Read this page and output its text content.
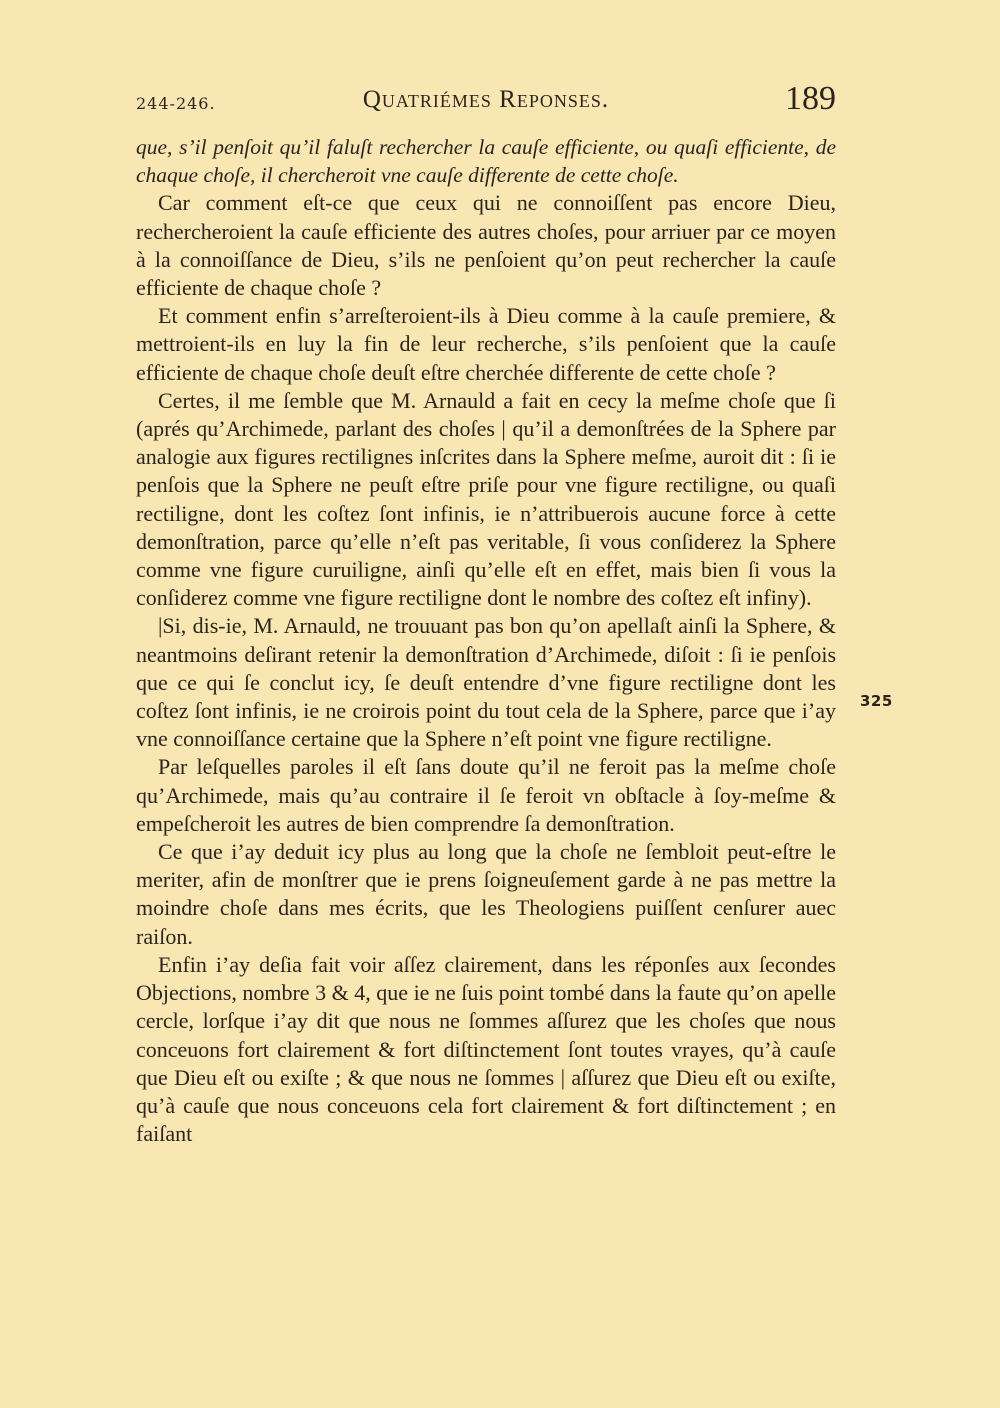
244-246.	Quatriémes Reponses.	189
325

que, s’il penſoit qu’il faluſt rechercher la cauſe efficiente, ou quaſi efficiente, de chaque choſe, il chercheroit vne cauſe differente de cette choſe.

Car comment eſt-ce que ceux qui ne connoiſſent pas encore Dieu, rechercheroient la cauſe efficiente des autres choſes, pour arriuer par ce moyen à la connoiſſance de Dieu, s’ils ne penſoient qu’on peut rechercher la cauſe efficiente de chaque choſe ?

Et comment enfin s’arreſteroient-ils à Dieu comme à la cauſe premiere, & mettroient-ils en luy la fin de leur recherche, s’ils penſoient que la cauſe efficiente de chaque choſe deuſt eſtre cherchée differente de cette choſe ?

Certes, il me ſemble que M. Arnauld a fait en cecy la meſme choſe que ſi (aprés qu’Archimede, parlant des choſes | qu’il a demonſtrées de la Sphere par analogie aux figures rectilignes inſcrites dans la Sphere meſme, auroit dit : ſi ie penſois que la Sphere ne peuſt eſtre priſe pour vne figure rectiligne, ou quaſi rectiligne, dont les coſtez ſont infinis, ie n’attribuerois aucune force à cette demonſtration, parce qu’elle n’eſt pas veritable, ſi vous conſiderez la Sphere comme vne figure curuiligne, ainſi qu’elle eſt en effet, mais bien ſi vous la conſiderez comme vne figure rectiligne dont le nombre des coſtez eſt infiny).

|Si, dis-ie, M. Arnauld, ne trouuant pas bon qu’on apellaſt ainſi la Sphere, & neantmoins deſirant retenir la demonſtration d’Archimede, diſoit : ſi ie penſois que ce qui ſe conclut icy, ſe deuſt entendre d’vne figure rectiligne dont les coſtez ſont infinis, ie ne croirois point du tout cela de la Sphere, parce que i’ay vne connoiſſance certaine que la Sphere n’eſt point vne figure rectiligne.

Par leſquelles paroles il eſt ſans doute qu’il ne feroit pas la meſme choſe qu’Archimede, mais qu’au contraire il ſe feroit vn obſtacle à ſoy-meſme & empeſcheroit les autres de bien comprendre ſa demonſtration.

Ce que i’ay deduit icy plus au long que la choſe ne ſembloit peut-eſtre le meriter, afin de monſtrer que ie prens ſoigneuſement garde à ne pas mettre la moindre choſe dans mes écrits, que les Theologiens puiſſent cenſurer auec raiſon.

Enfin i’ay deſia fait voir aſſez clairement, dans les réponſes aux ſecondes Objections, nombre 3 & 4, que ie ne ſuis point tombé dans la faute qu’on apelle cercle, lorſque i’ay dit que nous ne ſommes aſſurez que les choſes que nous conceuons fort clairement & fort diſtinctement ſont toutes vrayes, qu’à cauſe que Dieu eſt ou exiſte ; & que nous ne ſommes | aſſurez que Dieu eſt ou exiſte, qu’à cauſe que nous conceuons cela fort clairement & fort diſtinctement ; en faiſant
